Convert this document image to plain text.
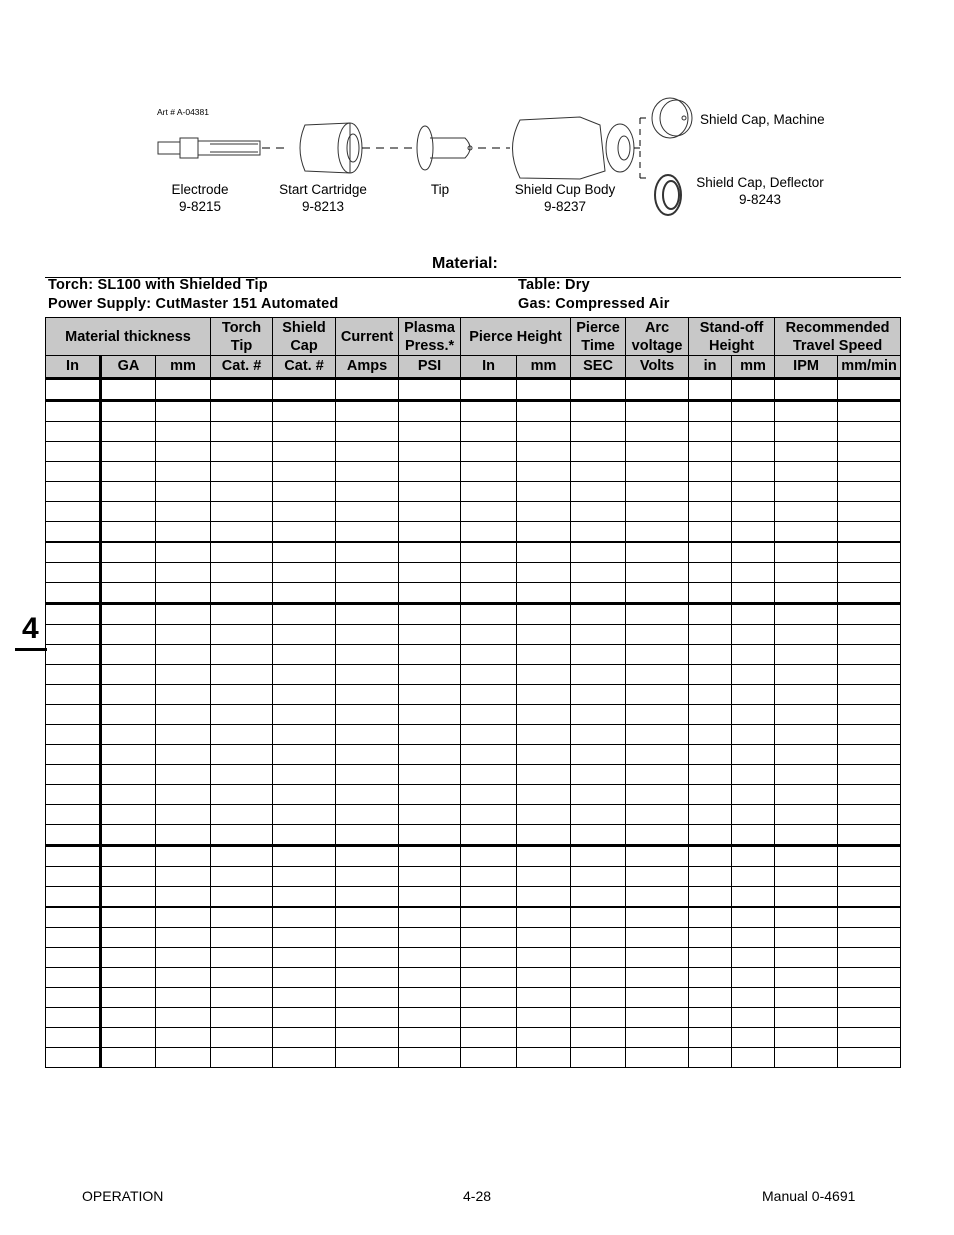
Art # A-04381
Electrode
9-8215
Start Cartridge
9-8213
Tip	Shield Cup Body
9-8237
Shield Cap, Machine
Shield Cap, Deflector
9-8243
Material:
Torch: SL100 with Shielded Tip
Power Supply: CutMaster 151 Automated
Table: Dry
Gas: Compressed Air
Material thickness			Torch Tip	Shield Cap	Current	Plasma Press.*	Pierce Height		Pierce Time	Arc voltage	Stand-off Height		Recommended Travel Speed	
In	GA	mm	Cat. #	Cat. #	Amps	PSI	In	mm	SEC	Volts	in	mm	IPM	mm/min

4
OPERATION	4-28	Manual 0-4691
